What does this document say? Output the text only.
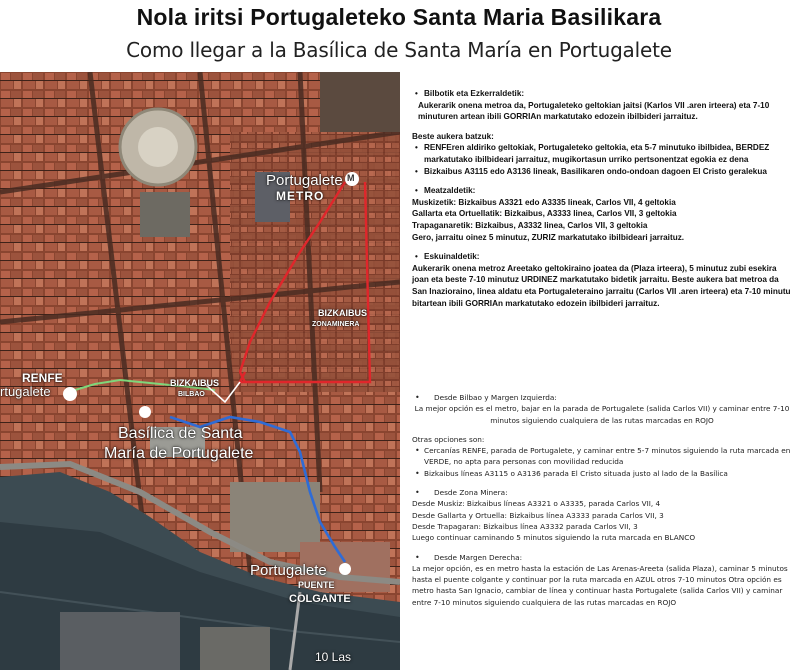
Nola iritsi Portugaleteko Santa Maria Basilikara
Como llegar a la Basílica de Santa María en Portugalete
Portugalete
METRO
M
BIZKAIBUS
ZONAMINERA
RENFE
rtugalete
BIZKAIBUS
BILBAO
Basílica de Santa
María de Portugalete
Portugalete
PUENTE
COLGANTE
10 Las
• Bilbotik eta Ezkerraldetik:
Aukerarik onena metroa da, Portugaleteko geltokian jaitsi (Karlos VII .aren irteera) eta 7-10 minuturen artean ibili GORRIAn markatutako edozein ibilbideri jarraituz.
Beste aukera batzuk:
• RENFEren aldiriko geltokiak, Portugaleteko geltokia, eta 5-7 minutuko ibilbidea, BERDEZ markatutako ibilbideari jarraituz, mugikortasun urriko pertsonentzat egokia ez dena
• Bizkaibus A3115 edo A3136 lineak, Basilikaren ondo-ondoan dagoen El Cristo geralekua
• Meatzaldetik:
Muskizetik: Bizkaibus A3321 edo A3335 lineak, Carlos VII, 4 geltokia
Gallarta eta Ortuellatik: Bizkaibus, A3333 linea, Carlos VII, 3 geltokia
Trapaganaretik: Bizkaibus, A3332 linea, Carlos VII, 3 geltokia
Gero, jarraitu oinez 5 minutuz, ZURIZ markatutako ibilbideari jarraituz.
• Eskuinaldetik:
Aukerarik onena metroz Areetako geltokiraino joatea da (Plaza irteera), 5 minutuz zubi esekira joan eta beste 7-10 minutuz URDINEZ markatutako bidetik jarraitu. Beste aukera bat metroa da San Inazioraino, linea aldatu eta Portugaleteraino jarraitu (Carlos VII .aren irteera) eta 7-10 minutu bitartean ibili GORRIAn markatutako edozein ibilbideri jarraituz.
• Desde Bilbao y Margen Izquierda:
La mejor opción es el metro, bajar en la parada de Portugalete (salida Carlos VII) y caminar entre 7-10 minutos siguiendo cualquiera de las rutas marcadas en ROJO
Otras opciones son:
• Cercanías RENFE, parada de Portugalete, y caminar entre 5-7 minutos siguiendo la ruta marcada en VERDE, no apta para personas con movilidad reducida
• Bizkaibus líneas A3115 o A3136 parada El Cristo situada justo al lado de la Basílica
• Desde Zona Minera:
Desde Muskiz: Bizkaibus líneas A3321 o A3335, parada Carlos VII, 4
Desde Gallarta y Ortuella: Bizkaibus línea A3333 parada Carlos VII, 3
Desde Trapagaran: Bizkaibus línea A3332 parada Carlos VII, 3
Luego continuar caminando 5 minutos siguiendo la ruta marcada en BLANCO
• Desde Margen Derecha:
La mejor opción, es en metro hasta la estación de Las Arenas-Areeta (salida Plaza), caminar 5 minutos hasta el puente colgante y continuar por la ruta marcada en AZUL otros 7-10 minutos Otra opción es metro hasta San Ignacio, cambiar de línea y continuar hasta Portugalete (salida Carlos VII) y caminar entre 7-10 minutos siguiendo cualquiera de las rutas marcadas en ROJO
